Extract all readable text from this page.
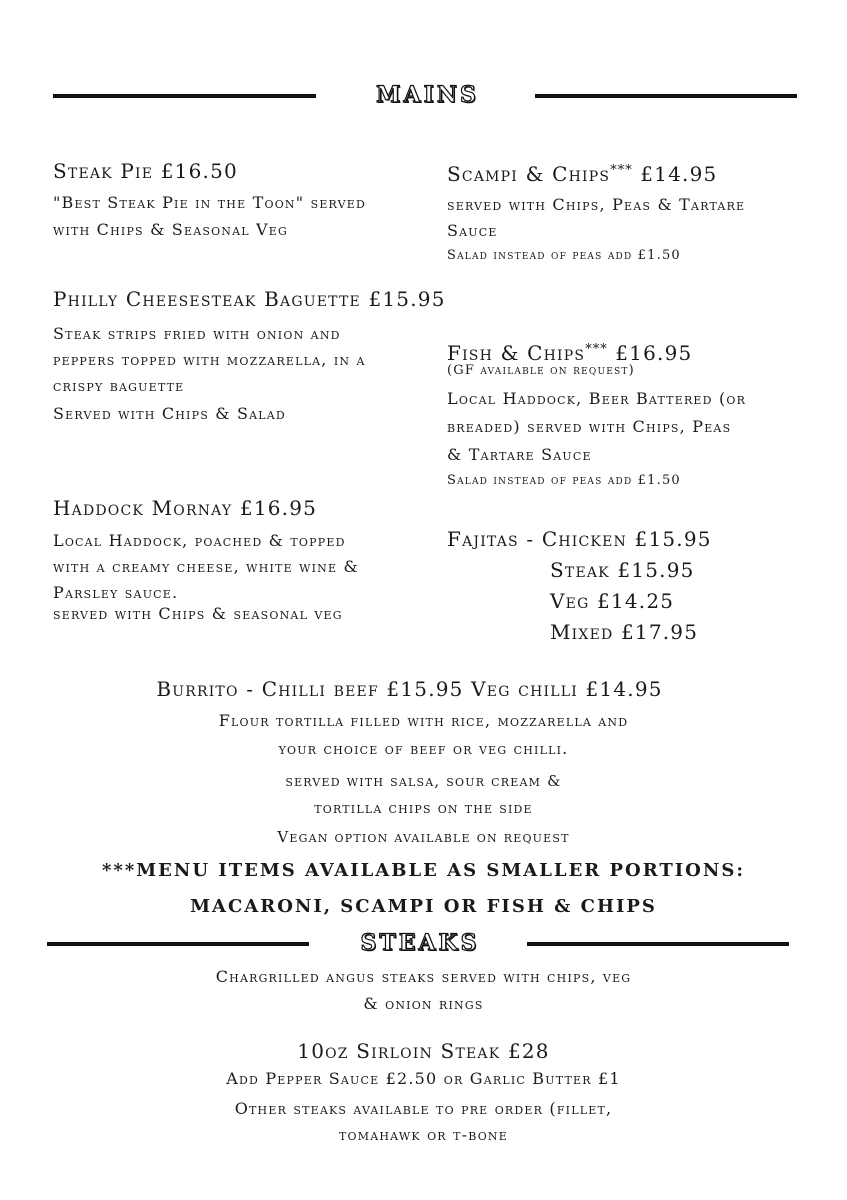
MAINS
Steak Pie £16.50
"Best Steak Pie in the Toon" served
with Chips & Seasonal Veg
Scampi & Chips*** £14.95
served with Chips, Peas & Tartare
Sauce
Salad instead of peas add £1.50
Philly Cheesesteak Baguette £15.95
Steak strips fried with onion and
peppers topped with mozzarella, in a
crispy baguette
Served with Chips & Salad
Fish & Chips*** £16.95
(GF available on request)
Local Haddock, Beer Battered (or
breaded) served with Chips, Peas
& Tartare Sauce
Salad instead of peas add £1.50
Haddock Mornay £16.95
Local Haddock, poached & topped
with a creamy cheese, white wine &
Parsley sauce.
served with Chips & seasonal veg
Fajitas - Chicken £15.95
Steak £15.95
Veg £14.25
Mixed £17.95
Burrito - Chilli beef £15.95 Veg chilli £14.95
Flour tortilla filled with rice, mozzarella and
your choice of beef or veg chilli.
served with salsa, sour cream &
tortilla chips on the side
Vegan option available on request
***MENU ITEMS AVAILABLE AS SMALLER PORTIONS:
MACARONI, SCAMPI OR FISH & CHIPS
STEAKS
Chargrilled angus steaks served with chips, veg
& onion rings
10oz Sirloin Steak £28
Add Pepper Sauce £2.50 or Garlic Butter £1
Other steaks available to pre order (fillet,
tomahawk or t-bone
